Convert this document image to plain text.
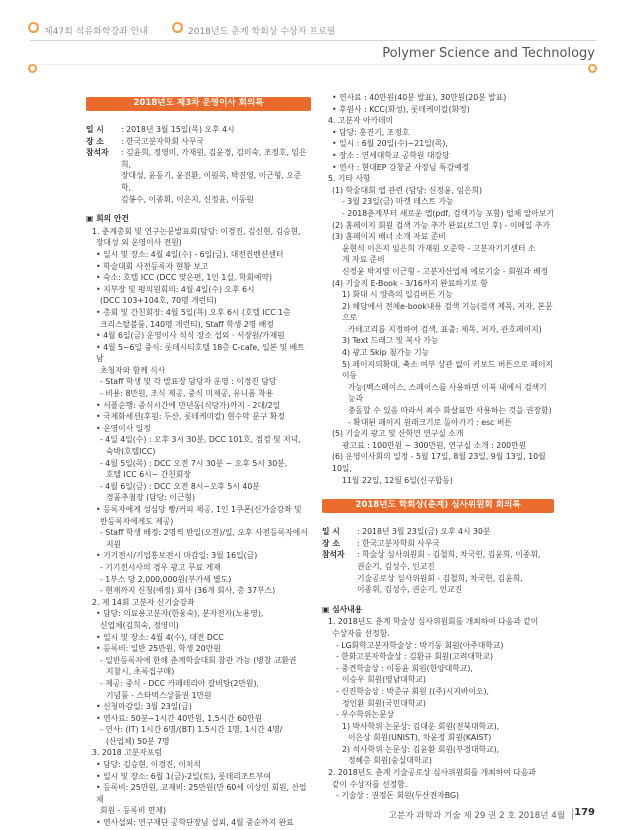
제47회 석유화학강좌 안내	2018년도 춘계 학회상 수상자 프로필
Polymer Science and Technology
2018년도 제3차 운영이사 회의록
일 시	: 2018년 3월 15일(목) 오후 4시
장 소	: 한국고분자학회 사무국
참석자	: 김윤희, 정영미, 가재원, 김윤경, 김미숙, 조정호, 임은희,
장대성, 윤동기, 윤진환, 이원목, 박진영, 이근형, 오준학,
김봉수, 이종휘, 이은지, 신정윤, 이동원
▣ 회의 안건
1. 춘계총회 및 연구논문발표회(담당: 이경진, 김신현, 김승현,
장대성 외 운영이사 전원)
• 일시 및 장소: 4월 4일(수) - 6일(금), 대전컨벤션센터
• 학술대회 사전등록자 현황 보고
• 숙소: 호텔 ICC (DCC 맞은편, 1인 1실, 학회예약)
• 지부장 및 평의원회의: 4월 4일(수) 오후 6시
(DCC 103+104호, 70명 개런티)
• 총회 및 간친회장: 4월 5일(목) 오후 6시 (호텔 ICC 1층
크리스탈볼룸, 140명 개런티), Staff 학생 2명 배정
• 4월 6일(금) 운영이사 석식 장소 섭외 · 서장원/가재원
• 4월 5~6일 중식: 롯데시티호텔 18층 C-cafe, 일본 및 베트남
초청자와 함께 식사
- Staff 학생 및 각 발표장 담당자 운영 : 이경진 담당
- 비용: 8만원, 조식 제공, 중식 미제공, 유니폼 착용
• 서플순행: 중식시간에 만년동(식당가)까지 - 2대/2일
• 국제화세션(후원: 두산, 롯데케미칼) 현수막 문구 확정
• 운영이사 일정
- 4일 4일(수) : 오후 3시 30분, DCC 101호, 점검 및 저녁,
숙박(호텔ICC)
- 4월 5일(목) : DCC 오전 7시 30분 ~ 오후 5시 30분,
호텔 ICC 6시~ 간친회장
- 4월 6일(금) : DCC 오전 8시~오후 5시 40분
경품추첨장 (담당: 이근형)
• 등록자에게 성심당 빵/커피 제공, 1인 1쿠폰(신가술강좌 및
반등록자에게도 제공)
- Staff 학생 배정: 2명씩 반일(오전)/일, 오후 사전등록자에서
지원
• 기기전시/기업홍보전시 마감일: 3월 16일(금)
- 기기전시사의 경우 광고 무료 게재
- 1부스 당 2,000,000원(부가세 별도)
- 현재까지 신청(예정) 회사 (36개 회사, 총 37부스)
2. 제 14회 고분자 신기술강좌
• 담당: 의료용고분자(한웅숙), 분자전자(노용영),
신업체(김희숙, 정영미)
• 일시 및 장소: 4월 4(수), 대전 DCC
• 등록비: 일반 25만원, 학생 20만원
- 일반등록자에 한해 춘계학술대회 참관 가능 (병참 교환권
지참시, 초록집구매)
- 제공: 중식 - DCC 카페테리아 갈비탕(2만원),
기념품 - 스타벅스상품권 1만원
• 신청마감일: 3월 23일(금)
• 연사료: 50분~1시간 40만원, 1.5시간 60만원
- 연사: (IT) 1시간 6명/(BT) 1.5시간 1명, 1시간 4명/
(산업체) 50분 7명
3. 2018 고분자포럼
• 담당: 김승현, 이경진, 이치석
• 일시 및 장소: 6월 1(금)-2일(토), 롯데리조트부여
• 등록비: 25만원, 교재비: 25만원(만 60세 이상인 회원, 산업체
회원 - 등록비 면제)
• 연사섭외: 연구재단 공학단장님 섭외, 4월 중순까지 완료
• 연사료 : 40만원(40분 발표), 30만원(20분 발표)
• 후원사 : KCC(화성), 롯데케미칼(화정)
4. 고분자 아카데미
• 담당: 홍진기, 조정호
• 일시 : 6월 20일(수)~21일(목),
• 장소 : 연세대학교 공학원 대강당
• 연사 : 현대EP 강창균 사장님 특강예정
5. 기타 사항
(1) 학술대회 앱 관련 (담당: 신정윤, 임은희)
- 3월 23일(금) 마켓 테스트 가능
- 2018춘계부터 새로운 앱(pdf, 검색기능 포함) 업체 알아보기
(2) 홈페이지 회원 검색 가능 추가 완료(로그인 후) - 이메일 추가
(3) 홈페이지 배너 소개 자료 준비
윤현석 이은지 임은희 가재원 오준학 - 고분자기기센터 소
개 자료 준비
신정윤 박지영 이근형 - 고분자산업체 에로기술 - 회원과 배정
(4) 기술지 E-Book - 3/16까지 완료하기로 함
1) 화대 시 양측의 입김버튼 기능
2) 해당에서 전체e-book내용 검색 기능(검색 제목, 저자, 본문으로
카테고리를 지정하여 검색, 표출: 제목, 저자, 관호페이지)
3) Text 드래그 및 복사 가능
4) 광고 Skip 첨가능 기능
5) 페이지의확대, 축소 여부 상관 없이 키보드 버튼으로 페이지 이동
가능(백스페이스, 스페이스를 사용하면 이북 내에서 검색기능과
충돌할 수 있음 따라서 최수 화살표만 사용하는 것을 권장함)
- 확대된 페이지 원래크기로 돌아가기 : esc 버튼
(5) 기술지 광고 및 산학연 연구실 소개
광고료 : 100만원 ~ 300만원, 연구실 소개 : 200만원
(6) 운영이사회의 일정 - 5월 17일, 8월 23일, 9월 13일, 10월 10일,
11월 22일, 12월 6일(신구합동)
2018년도 학회상(춘계) 심사위원회 회의록
일 시	: 2018년 3월 23일(금) 오후 4시 30분
장 소	: 한국고분자학회 사무국
참석자	: 학술상 심사위원회 - 김철희, 차국헌, 김윤희, 이종휘,
권순기, 김성수, 인교진
기술공로상 심사위원회 - 김철희, 차국헌, 김윤희,
이종휘, 김성수, 권순기, 인교진
▣ 심사내용
1. 2018년도 춘계 학술상 심사위원회를 개최하여 다음과 같이
수상자를 선정함.
- LG화학고분자학술상 : 박기동 회원(아주대학교)
- 한화고분자학술상 : 김환규 회원(고려대학교)
- 중견학술상 : 이동윤 회원(한양대학교),
이승우 회원(영남대학교)
- 신진학술상 : 박준규 회원 ((주)시지바이오),
정인환 회원(국민대학교)
- 우수학위논문상
1) 박사학위 논문상: 김대운 회원(전북대학교),
이은상 회원(UNIST), 차윤정 회원(KAIST)
2) 석사학위 논문상: 김윤환 회원(부경대학교),
정혜층 회원(숭실대학교)
2. 2018년도 춘계 기술공로상 심사위원회를 개최하여 다음과
같이 수상자를 선정함.
- 기술상 : 권정돈 회원(두산전자BG)
고분자 과학과 기술 제 29 권 2 호 2018년 4월 179
